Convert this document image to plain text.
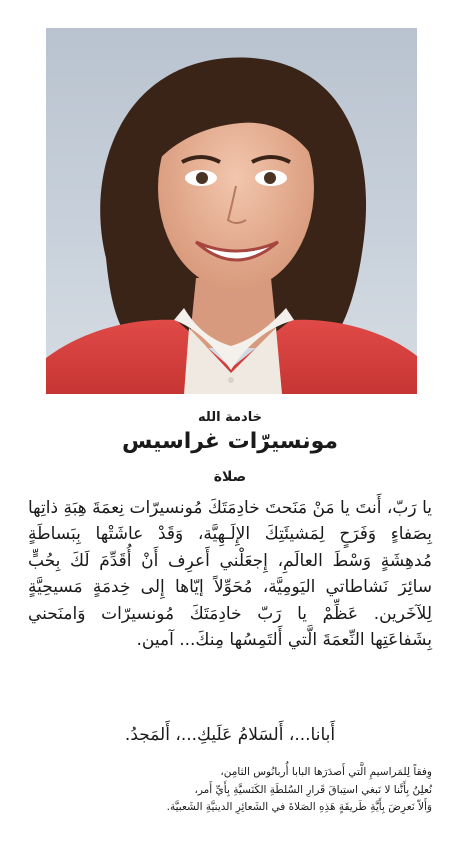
خادمة الله
مونسيرّات غراسيس
صلاة
يا رَبّ، أَنتَ يا مَنْ مَنَحتَ خادِمَتَكَ مُونسيرّات نِعمَةَ هِبَةِ ذاتِها بِصَفاءٍ وَفَرَحٍ لِمَشيئَتِكَ الإِلَـهِيَّة، وَقَدْ عاشَتْها بِبَساطَةٍ مُدهِشَةٍ وَسْطَ العالَمِ، إِجعَلْني أَعرِف أَنْ أُقَدِّمَ لَكَ بِحُبٍّ سائِرَ نَشاطاتي اليَومِيَّة، مُحَوِّلاً إيّاها إِلى خِدمَةٍ مَسيحِيَّةٍ لِلآخَرين. عَظِّمْ يا رَبّ خادِمَتَكَ مُونسيرّات وَامنَحني بِشَفاعَتِها النِّعمَةَ الَّتي أَلتَمِسُها مِنكَ... آمين.
أَبانا...، أَلسَلامُ عَلَيكِ...، أَلمَجدُ.

وِفقاً لِلمَراسيمِ الَّتي أَصدَرَها البابا أُربانُوس الثامِن،

نُعلِنُ بِأَنَّنا لا نَبغي استِباقَ قَرارِ السُلطَةِ الكَنَسيَّةِ بِأَيِّ أَمر،

وَأَلاّ نَعرِضَ بِأَيَّةِ طَريقَةٍ هَذِهِ الصَلاةَ في الشَعائِرِ الدينيَّةِ الشَعبيَّة.
